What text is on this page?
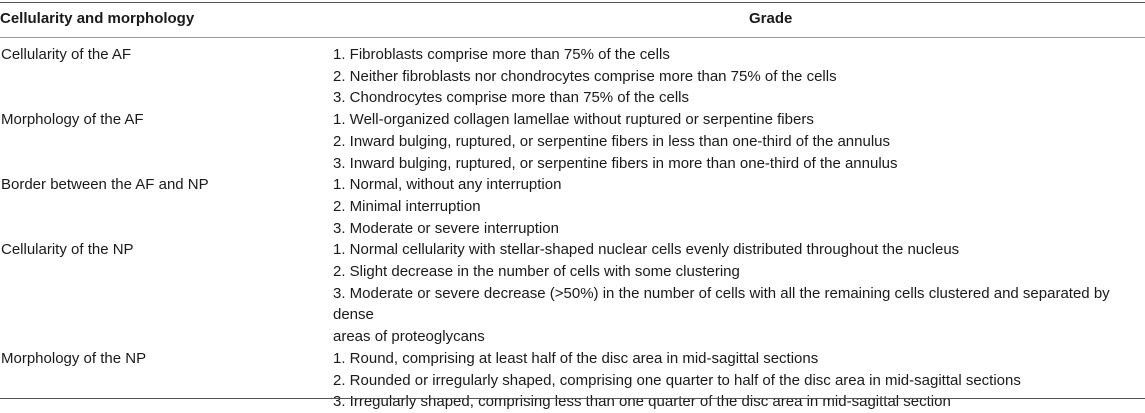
Cellularity and morphology	Grade
Cellularity of the AF	1. Fibroblasts comprise more than 75% of the cells
2. Neither fibroblasts nor chondrocytes comprise more than 75% of the cells
3. Chondrocytes comprise more than 75% of the cells
Morphology of the AF	1. Well-organized collagen lamellae without ruptured or serpentine fibers
2. Inward bulging, ruptured, or serpentine fibers in less than one-third of the annulus
3. Inward bulging, ruptured, or serpentine fibers in more than one-third of the annulus
Border between the AF and NP	1. Normal, without any interruption
2. Minimal interruption
3. Moderate or severe interruption
Cellularity of the NP	1. Normal cellularity with stellar-shaped nuclear cells evenly distributed throughout the nucleus
2. Slight decrease in the number of cells with some clustering
3. Moderate or severe decrease (>50%) in the number of cells with all the remaining cells clustered and separated by dense
areas of proteoglycans
Morphology of the NP	1. Round, comprising at least half of the disc area in mid-sagittal sections
2. Rounded or irregularly shaped, comprising one quarter to half of the disc area in mid-sagittal sections
3. Irregularly shaped, comprising less than one quarter of the disc area in mid-sagittal section
